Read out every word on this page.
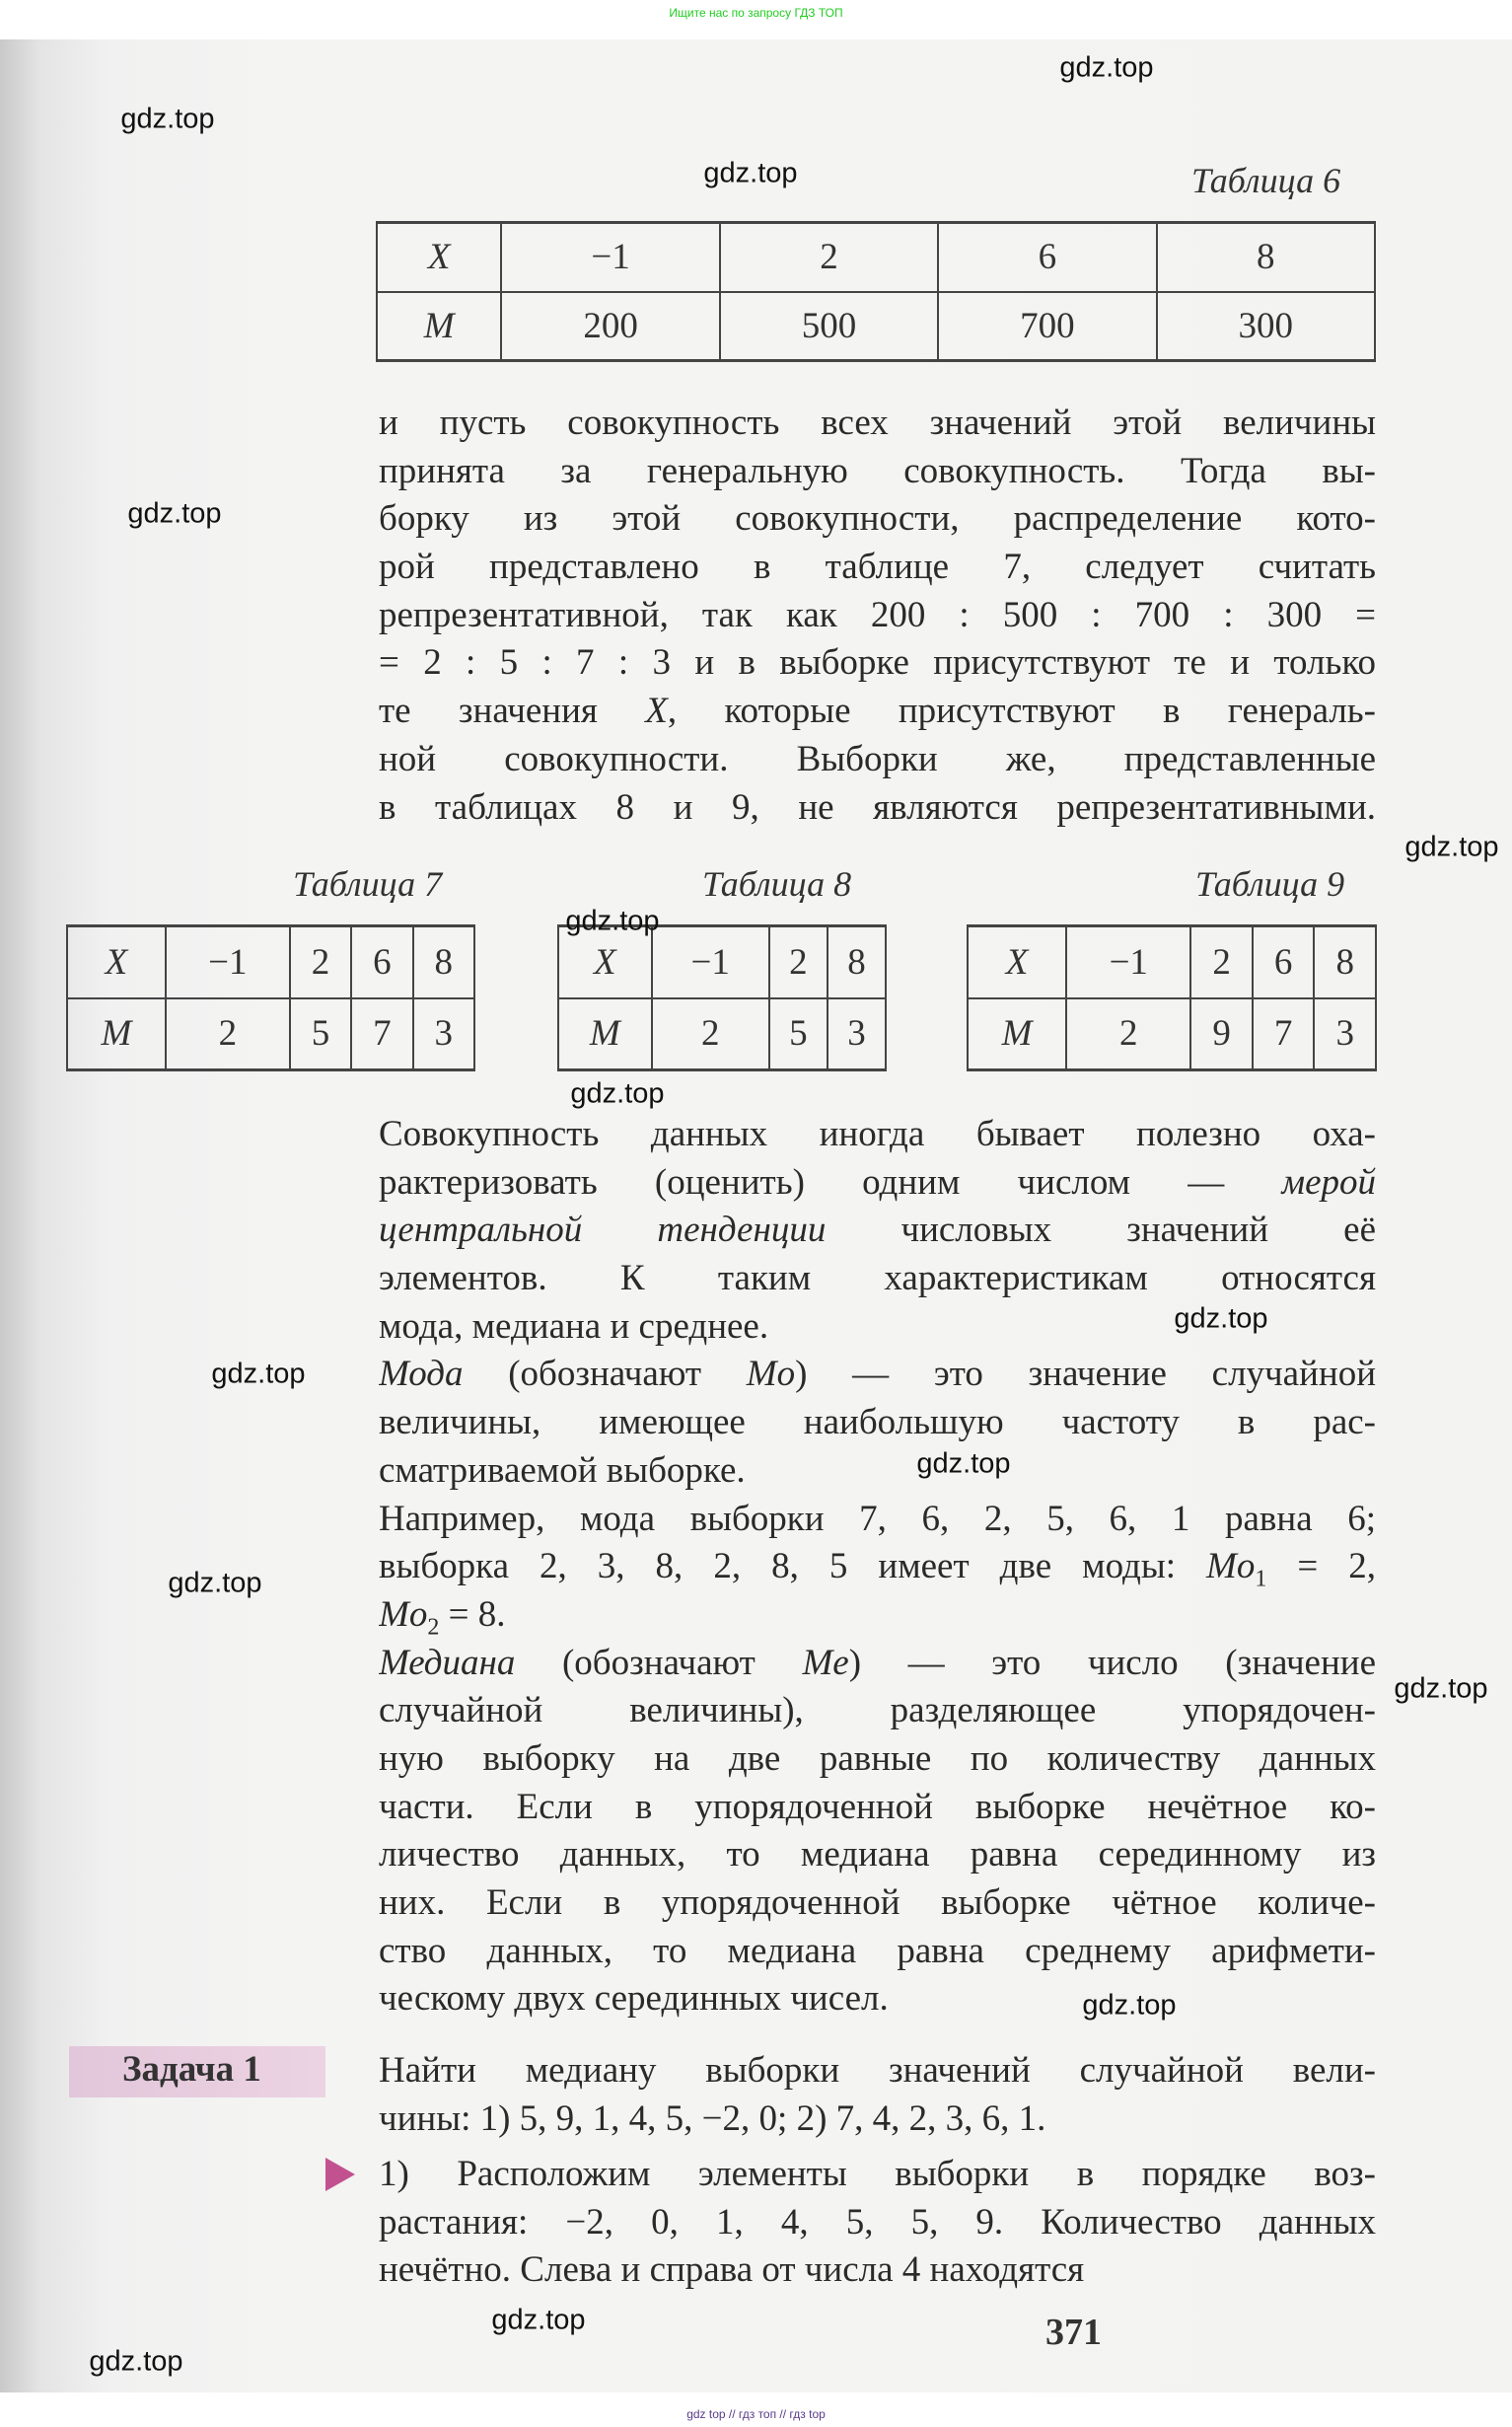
Ищите нас по запросу ГДЗ ТОП
Таблица 6
X	−1	2	6	8
M	200	500	700	300
и пусть совокупность всех значений этой величины
принята за генеральную совокупность. Тогда вы-
борку из этой совокупности, распределение кото-
рой представлено в таблице 7, следует считать
репрезентативной, так как 200 : 500 : 700 : 300 =
= 2 : 5 : 7 : 3 и в выборке присутствуют те и только
те значения X, которые присутствуют в генераль-
ной совокупности. Выборки же, представленные
в таблицах 8 и 9, не являются репрезентативными.
Таблица 7	Таблица 8	Таблица 9
X	−1	2	6	8
M	2	5	7	3
X	−1	2	8
M	2	5	3
X	−1	2	6	8
M	2	9	7	3
Совокупность данных иногда бывает полезно оха-
рактеризовать (оценить) одним числом — мерой
центральной тенденции числовых значений её
элементов. К таким характеристикам относятся
мода, медиана и среднее.
Мода (обозначают Mo) — это значение случайной
величины, имеющее наибольшую частоту в рас-
сматриваемой выборке.
Например, мода выборки 7, 6, 2, 5, 6, 1 равна 6;
выборка 2, 3, 8, 2, 8, 5 имеет две моды: $Mo_1 = 2$,
$Mo_2 = 8$.
Медиана (обозначают Me) — это число (значение
случайной величины), разделяющее упорядочен-
ную выборку на две равные по количеству данных
части. Если в упорядоченной выборке нечётное ко-
личество данных, то медиана равна серединному из
них. Если в упорядоченной выборке чётное количе-
ство данных, то медиана равна среднему арифмети-
ческому двух серединных чисел.
Задача 1	Найти медиану выборки значений случайной вели-
чины: 1) 5, 9, 1, 4, 5, −2, 0; 2) 7, 4, 2, 3, 6, 1.
1) Расположим элементы выборки в порядке воз-
растания: −2, 0, 1, 4, 5, 5, 9. Количество данных
нечётно. Слева и справа от числа 4 находятся
371
gdz top // гдз топ // гдз top
gdz.top
gdz.top
gdz.top
gdz.top
gdz.top
gdz.top
gdz.top
gdz.top
gdz.top
gdz.top
gdz.top
gdz.top
gdz.top
gdz.top
gdz.top
